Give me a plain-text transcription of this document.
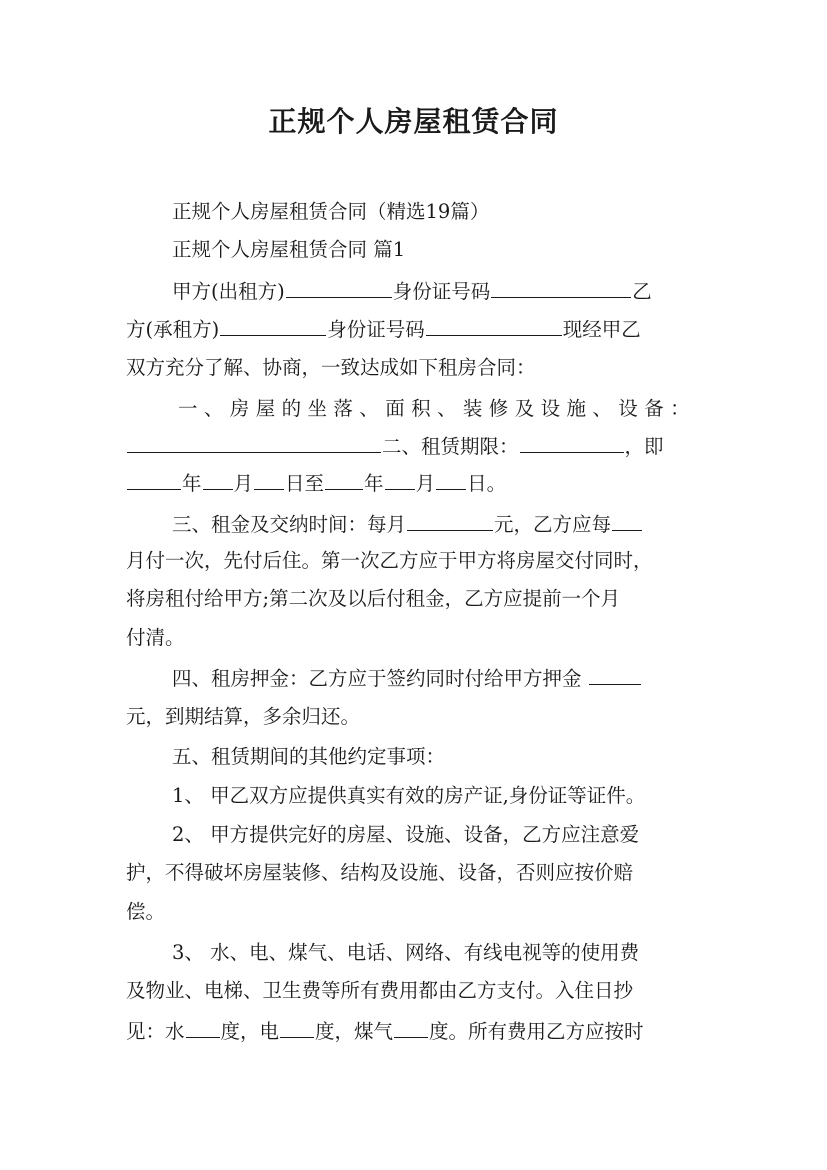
正规个人房屋租赁合同
正规个人房屋租赁合同（精选19篇）
正规个人房屋租赁合同 篇1
甲方(出租方)	身份证号码	乙
方(承租方)	身份证号码	现经甲乙
双方充分了解、协商，一致达成如下租房合同：
一、房屋的坐落、面积、装修及设施、设备：
二、租赁期限：	，即
年 月 日至 年 月 日。
三、租金及交纳时间：每月	元，乙方应每
月付一次，先付后住。第一次乙方应于甲方将房屋交付同时，
将房租付给甲方;第二次及以后付租金，乙方应提前一个月
付清。
四、租房押金：乙方应于签约同时付给甲方押金
元，到期结算，多余归还。
五、租赁期间的其他约定事项：
1、 甲乙双方应提供真实有效的房产证,身份证等证件。
2、 甲方提供完好的房屋、设施、设备，乙方应注意爱
护，不得破坏房屋装修、结构及设施、设备，否则应按价赔
偿。
3、 水、电、煤气、电话、网络、有线电视等的使用费
及物业、电梯、卫生费等所有费用都由乙方支付。入住日抄
见：水 度，电 度，煤气 度。所有费用乙方应按时
